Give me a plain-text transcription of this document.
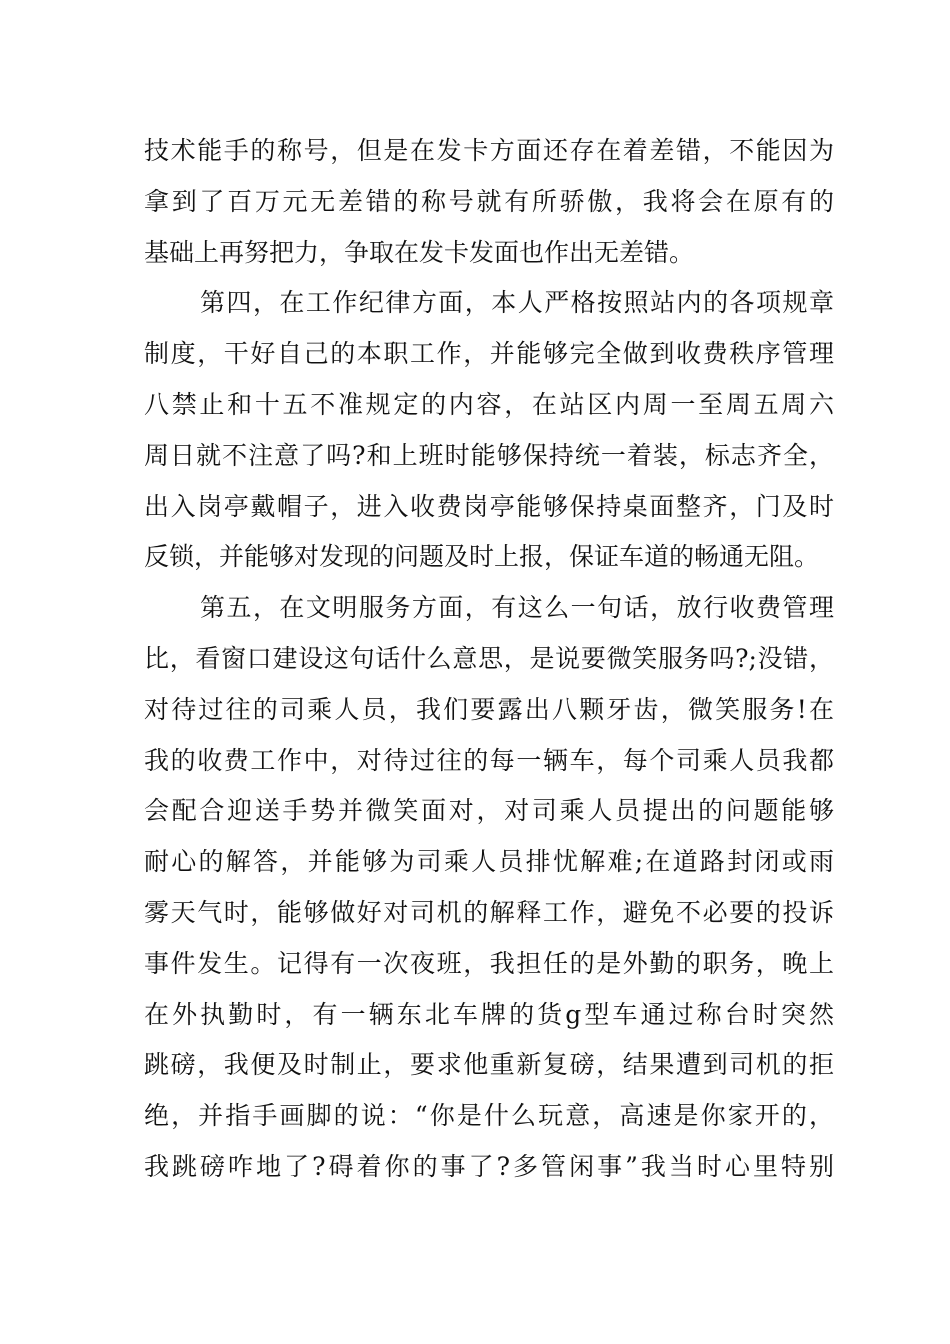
技术能手的称号，但是在发卡方面还存在着差错，不能因为
拿到了百万元无差错的称号就有所骄傲，我将会在原有的
基础上再努把力，争取在发卡发面也作出无差错。
第四，在工作纪律方面，本人严格按照站内的各项规章
制度，干好自己的本职工作，并能够完全做到收费秩序管理
八禁止和十五不准规定的内容，在站区内周一至周五周六
周日就不注意了吗?和上班时能够保持统一着装，标志齐全，
出入岗亭戴帽子，进入收费岗亭能够保持桌面整齐，门及时
反锁，并能够对发现的问题及时上报，保证车道的畅通无阻。
第五，在文明服务方面，有这么一句话，放行收费管理
比，看窗口建设这句话什么意思，是说要微笑服务吗?;没错，
对待过往的司乘人员，我们要露出八颗牙齿，微笑服务!在
我的收费工作中，对待过往的每一辆车，每个司乘人员我都
会配合迎送手势并微笑面对，对司乘人员提出的问题能够
耐心的解答，并能够为司乘人员排忧解难;在道路封闭或雨
雾天气时，能够做好对司机的解释工作，避免不必要的投诉
事件发生。记得有一次夜班，我担任的是外勤的职务，晚上
在外执勤时，有一辆东北车牌的货g型车通过称台时突然
跳磅，我便及时制止，要求他重新复磅，结果遭到司机的拒
绝，并指手画脚的说：“你是什么玩意，高速是你家开的，
我跳磅咋地了?碍着你的事了?多管闲事”我当时心里特别
